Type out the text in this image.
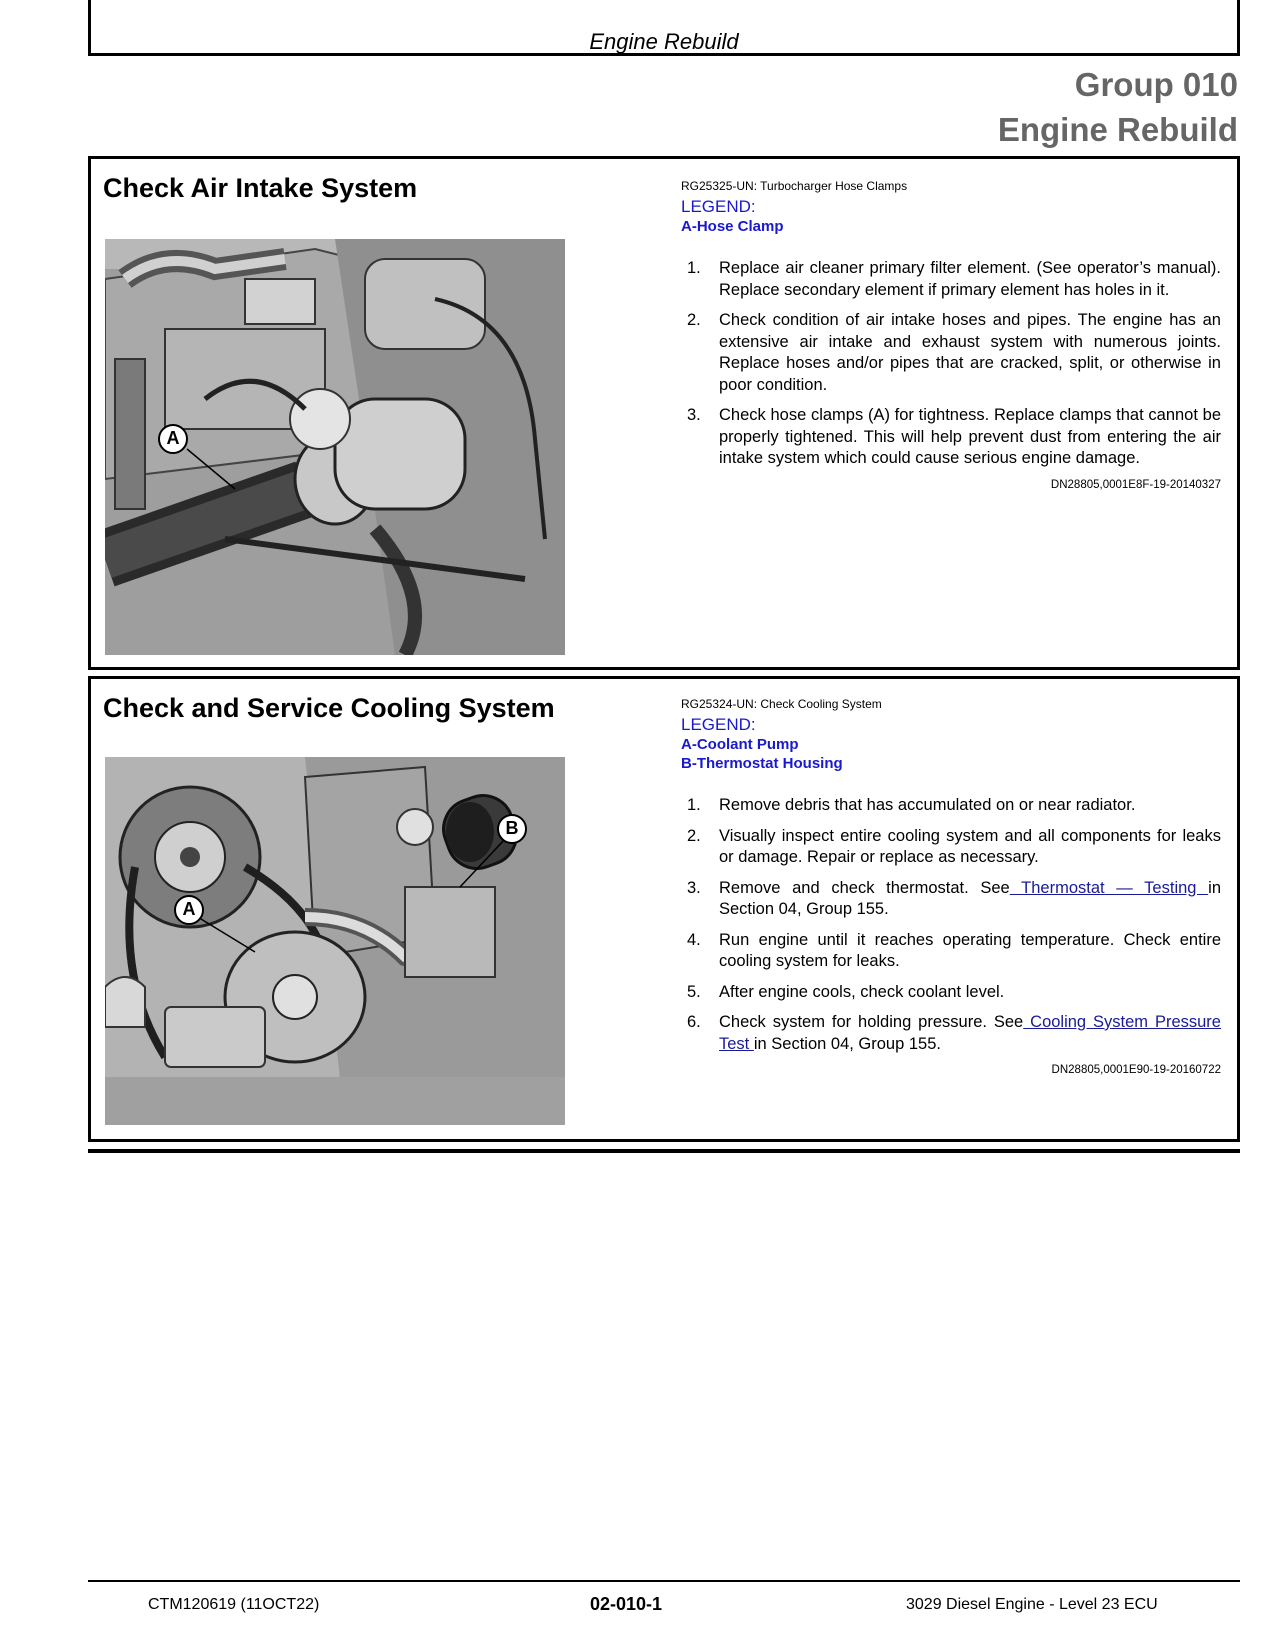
Engine Rebuild
Group 010
Engine Rebuild
Check Air Intake System
A
RG25325-UN: Turbocharger Hose Clamps
LEGEND:
A-Hose Clamp
1. Replace air cleaner primary filter element. (See operator’s manual). Replace secondary element if primary element has holes in it.
2. Check condition of air intake hoses and pipes. The engine has an extensive air intake and exhaust system with numerous joints. Replace hoses and/or pipes that are cracked, split, or otherwise in poor condition.
3. Check hose clamps (A) for tightness. Replace clamps that cannot be properly tightened. This will help prevent dust from entering the air intake system which could cause serious engine damage.
DN28805,0001E8F-19-20140327
Check and Service Cooling System
A
B
RG25324-UN: Check Cooling System
LEGEND:
A-Coolant Pump
B-Thermostat Housing
1. Remove debris that has accumulated on or near radiator.
2. Visually inspect entire cooling system and all components for leaks or damage. Repair or replace as necessary.
3. Remove and check thermostat. See Thermostat — Testing in Section 04, Group 155.
4. Run engine until it reaches operating temperature. Check entire cooling system for leaks.
5. After engine cools, check coolant level.
6. Check system for holding pressure. See Cooling System Pressure Test in Section 04, Group 155.
DN28805,0001E90-19-20160722
CTM120619 (11OCT22)	02-010-1	3029 Diesel Engine - Level 23 ECU
